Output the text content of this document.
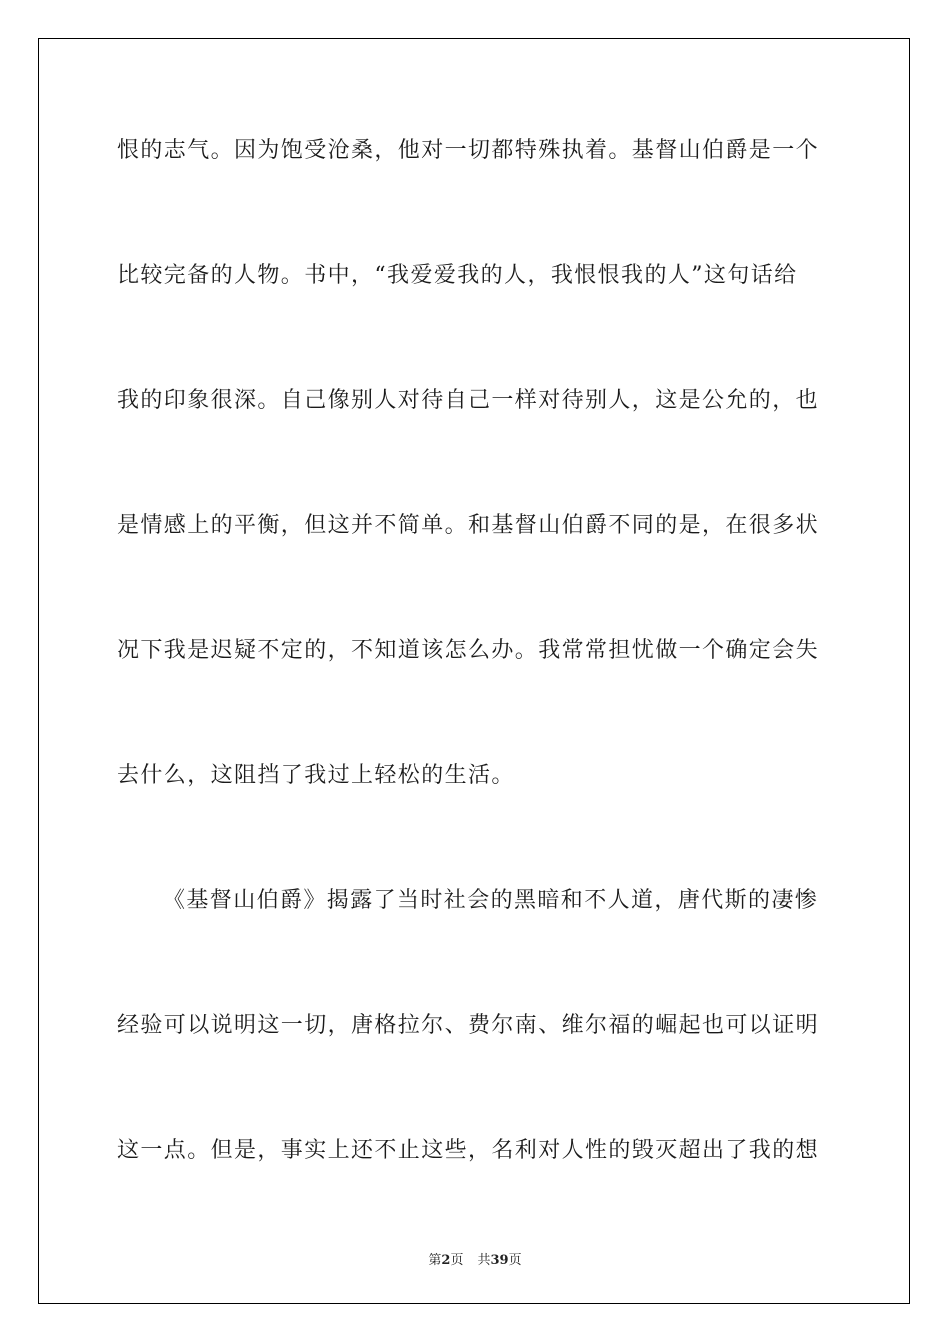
恨的志气。因为饱受沧桑，他对一切都特殊执着。基督山伯爵是一个
比较完备的人物。书中，“我爱爱我的人，我恨恨我的人”这句话给
我的印象很深。自己像别人对待自己一样对待别人，这是公允的，也
是情感上的平衡，但这并不简单。和基督山伯爵不同的是，在很多状
况下我是迟疑不定的，不知道该怎么办。我常常担忧做一个确定会失
去什么，这阻挡了我过上轻松的生活。
《基督山伯爵》揭露了当时社会的黑暗和不人道，唐代斯的凄惨
经验可以说明这一切，唐格拉尔、费尔南、维尔福的崛起也可以证明
这一点。但是，事实上还不止这些，名利对人性的毁灭超出了我的想
第2页 共39页
